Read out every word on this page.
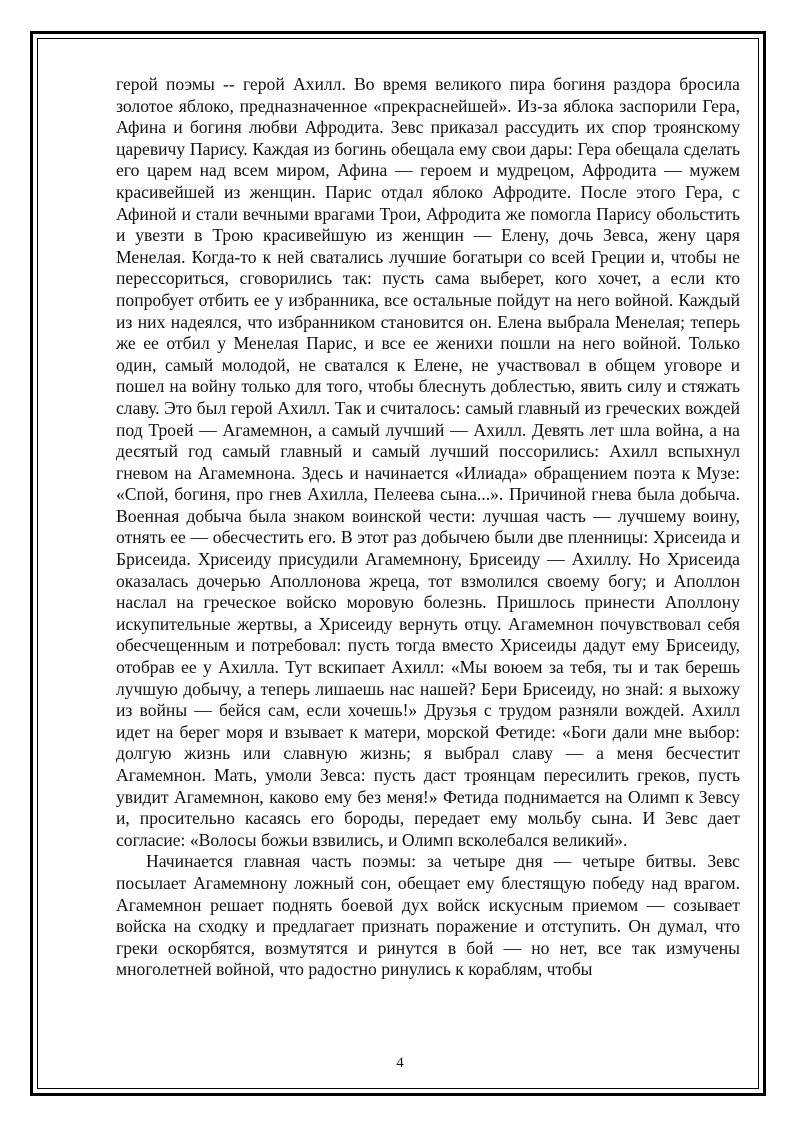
герой поэмы -- герой Ахилл. Во время великого пира богиня раздора бросила золотое яблоко, предназначенное «прекраснейшей». Из-за яблока заспорили Гера, Афина и богиня любви Афродита. Зевс приказал рассудить их спор троянскому царевичу Парису. Каждая из богинь обещала ему свои дары: Гера обещала сделать его царем над всем миром, Афина — героем и мудрецом, Афродита — мужем красивейшей из женщин. Парис отдал яблоко Афродите. После этого Гера, с Афиной и стали вечными врагами Трои, Афродита же помогла Парису обольстить и увезти в Трою красивейшую из женщин — Елену, дочь Зевса, жену царя Менелая. Когда-то к ней сватались лучшие богатыри со всей Греции и, чтобы не перессориться, сговорились так: пусть сама выберет, кого хочет, а если кто попробует отбить ее у избранника, все остальные пойдут на него войной. Каждый из них надеялся, что избранником становится он. Елена выбрала Менелая; теперь же ее отбил у Менелая Парис, и все ее женихи пошли на него войной. Только один, самый молодой, не сватался к Елене, не участвовал в общем уговоре и пошел на войну только для того, чтобы блеснуть доблестью, явить силу и стяжать славу. Это был герой Ахилл. Так и считалось: самый главный из греческих вождей под Троей — Агамемнон, а самый лучший — Ахилл. Девять лет шла война, а на десятый год самый главный и самый лучший поссорились: Ахилл вспыхнул гневом на Агамемнона. Здесь и начинается «Илиада» обращением поэта к Музе: «Спой, богиня, про гнев Ахилла, Пелеева сына...». Причиной гнева была добыча. Военная добыча была знаком воинской чести: лучшая часть — лучшему воину, отнять ее — обесчестить его. В этот раз добычею были две пленницы: Хрисеида и Брисеида. Хрисеиду присудили Агамемнону, Брисеиду — Ахиллу. Но Хрисеида оказалась дочерью Аполлонова жреца, тот взмолился своему богу; и Аполлон наслал на греческое войско моровую болезнь. Пришлось принести Аполлону искупительные жертвы, а Хрисеиду вернуть отцу. Агамемнон почувствовал себя обесчещенным и потребовал: пусть тогда вместо Хрисеиды дадут ему Брисеиду, отобрав ее у Ахилла. Тут вскипает Ахилл: «Мы воюем за тебя, ты и так берешь лучшую добычу, а теперь лишаешь нас нашей? Бери Брисеиду, но знай: я выхожу из войны — бейся сам, если хочешь!» Друзья с трудом разняли вождей. Ахилл идет на берег моря и взывает к матери, морской Фетиде: «Боги дали мне выбор: долгую жизнь или славную жизнь; я выбрал славу — а меня бесчестит Агамемнон. Мать, умоли Зевса: пусть даст троянцам пересилить греков, пусть увидит Агамемнон, каково ему без меня!» Фетида поднимается на Олимп к Зевсу и, просительно касаясь его бороды, передает ему мольбу сына. И Зевс дает согласие: «Волосы божьи взвились, и Олимп всколебался великий».

Начинается главная часть поэмы: за четыре дня — четыре битвы. Зевс посылает Агамемнону ложный сон, обещает ему блестящую победу над врагом. Агамемнон решает поднять боевой дух войск искусным приемом — созывает войска на сходку и предлагает признать поражение и отступить. Он думал, что греки оскорбятся, возмутятся и ринутся в бой — но нет, все так измучены многолетней войной, что радостно ринулись к кораблям, чтобы

4
